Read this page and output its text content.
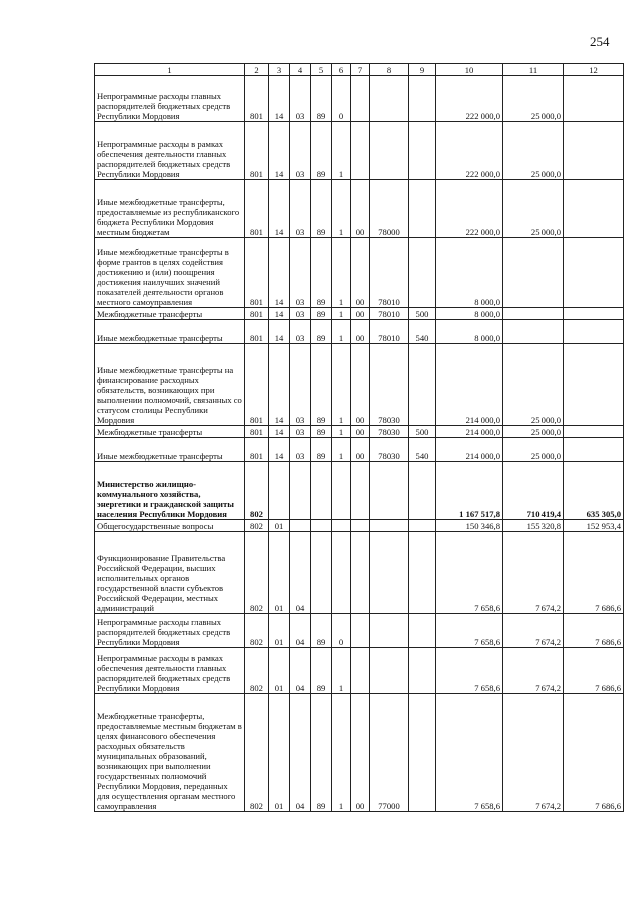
254
1	2	3	4	5	6	7	8	9	10	11	12
Непрограммные расходы главных распорядителей бюджетных средств Республики Мордовия	801	14	03	89	0				222 000,0	25 000,0	
Непрограммные расходы в рамках обеспечения деятельности главных распорядителей бюджетных средств Республики Мордовия	801	14	03	89	1				222 000,0	25 000,0	
Иные межбюджетные трансферты, предоставляемые из республиканского бюджета Республики Мордовия местным бюджетам	801	14	03	89	1	00	78000		222 000,0	25 000,0	
Иные межбюджетные трансферты в форме грантов в целях содействия достижению и (или) поощрения достижения наилучших значений показателей деятельности органов местного самоуправления	801	14	03	89	1	00	78010		8 000,0		
Межбюджетные трансферты	801	14	03	89	1	00	78010	500	8 000,0		
Иные межбюджетные трансферты	801	14	03	89	1	00	78010	540	8 000,0		
Иные межбюджетные трансферты на финансирование расходных обязательств, возникающих при выполнении полномочий, связанных со статусом столицы Республики Мордовия	801	14	03	89	1	00	78030		214 000,0	25 000,0	
Межбюджетные трансферты	801	14	03	89	1	00	78030	500	214 000,0	25 000,0	
Иные межбюджетные трансферты	801	14	03	89	1	00	78030	540	214 000,0	25 000,0	
Министерство жилищно-коммунального хозяйства, энергетики и гражданской защиты населения Республики Мордовия	802								1 167 517,8	710 419,4	635 305,0
Общегосударственные вопросы	802	01							150 346,8	155 320,8	152 953,4
Функционирование Правительства Российской Федерации, высших исполнительных органов государственной власти субъектов Российской Федерации, местных администраций	802	01	04						7 658,6	7 674,2	7 686,6
Непрограммные расходы главных распорядителей бюджетных средств Республики Мордовия	802	01	04	89	0				7 658,6	7 674,2	7 686,6
Непрограммные расходы в рамках обеспечения деятельности главных распорядителей бюджетных средств Республики Мордовия	802	01	04	89	1				7 658,6	7 674,2	7 686,6
Межбюджетные трансферты, предоставляемые местным бюджетам в целях финансового обеспечения расходных обязательств муниципальных образований, возникающих при выполнении государственных полномочий Республики Мордовия, переданных для осуществления органам местного самоуправления	802	01	04	89	1	00	77000		7 658,6	7 674,2	7 686,6
